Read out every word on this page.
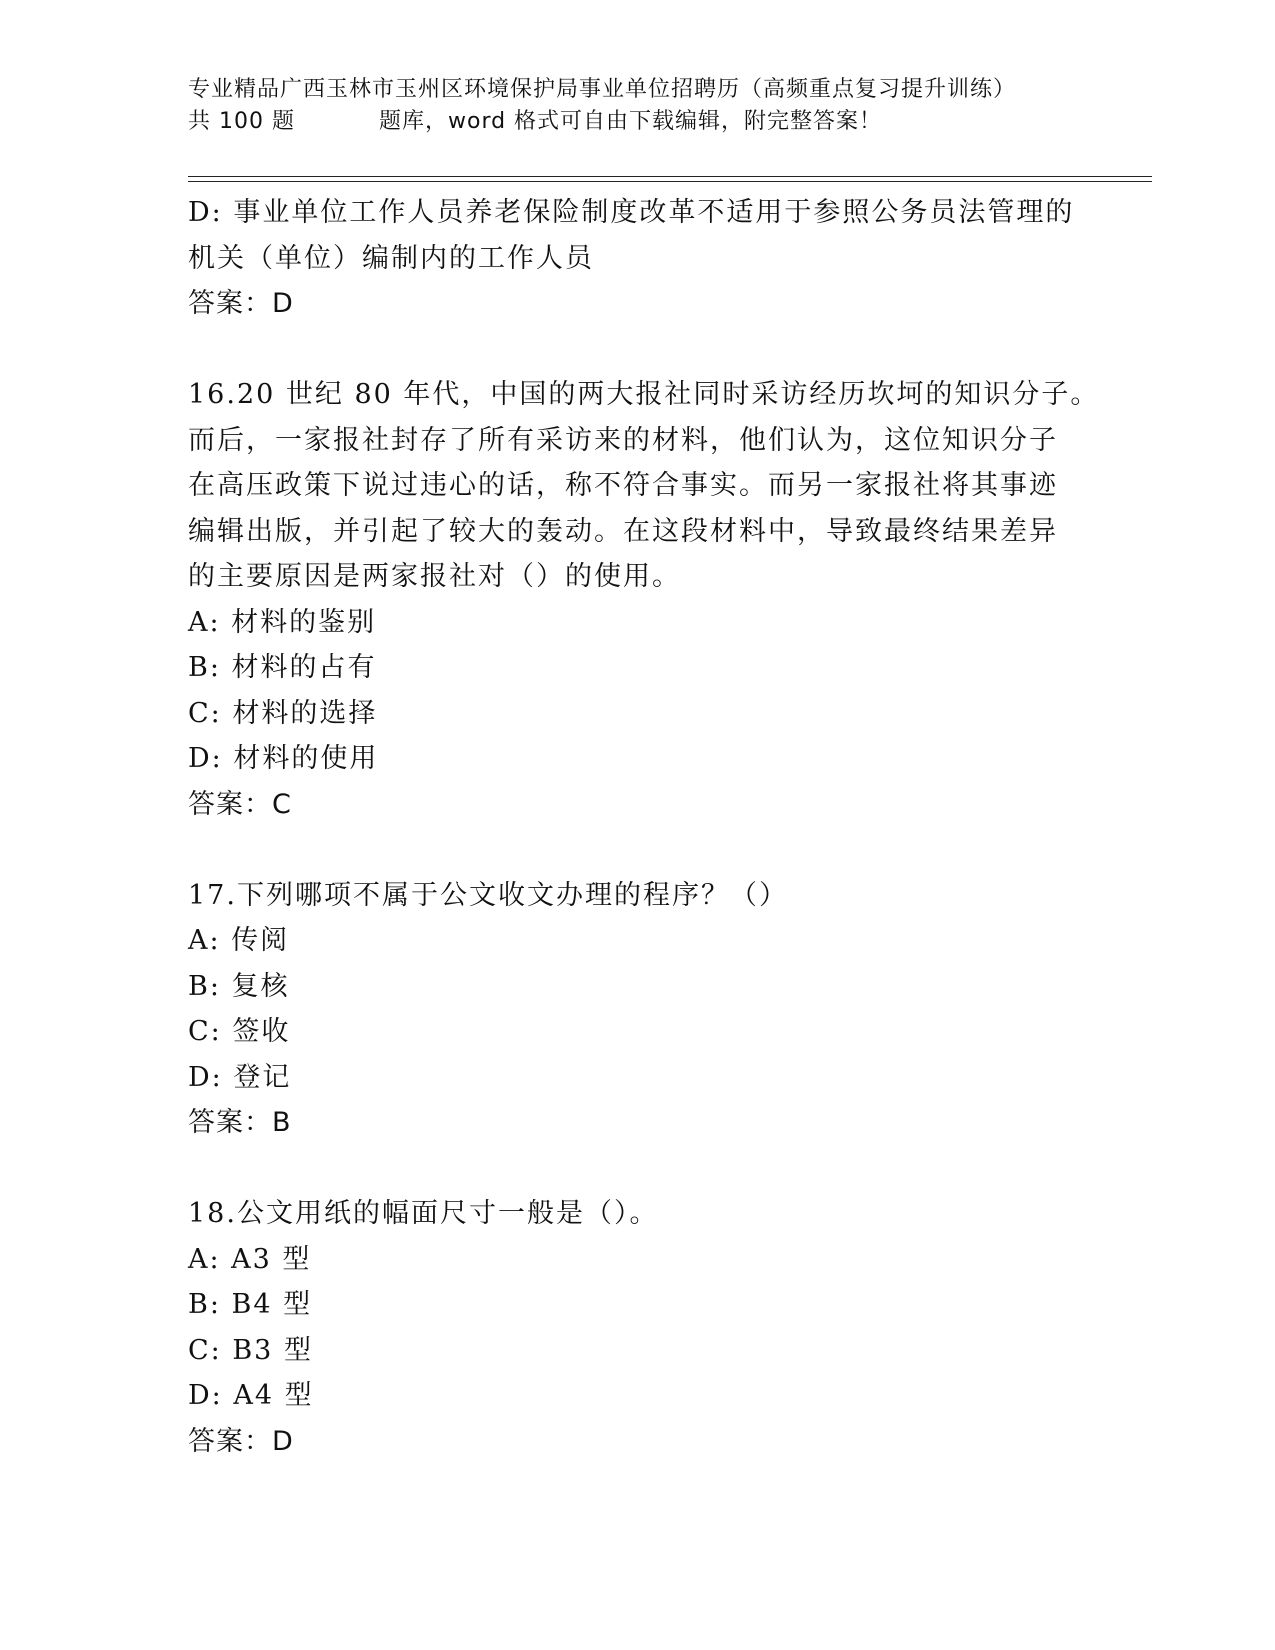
专业精品广西玉林市玉州区环境保护局事业单位招聘历（高频重点复习提升训练）
共 100 题	题库，word 格式可自由下载编辑，附完整答案！
D: 事业单位工作人员养老保险制度改革不适用于参照公务员法管理的
机关（单位）编制内的工作人员
答案：D
16.20 世纪 80 年代，中国的两大报社同时采访经历坎坷的知识分子。
而后，一家报社封存了所有采访来的材料，他们认为，这位知识分子
在高压政策下说过违心的话，称不符合事实。而另一家报社将其事迹
编辑出版，并引起了较大的轰动。在这段材料中，导致最终结果差异
的主要原因是两家报社对（）的使用。
A: 材料的鉴别
B: 材料的占有
C: 材料的选择
D: 材料的使用
答案：C
17.下列哪项不属于公文收文办理的程序？（）
A: 传阅
B: 复核
C: 签收
D: 登记
答案：B
18.公文用纸的幅面尺寸一般是（）。
A: A3 型
B: B4 型
C: B3 型
D: A4 型
答案：D
